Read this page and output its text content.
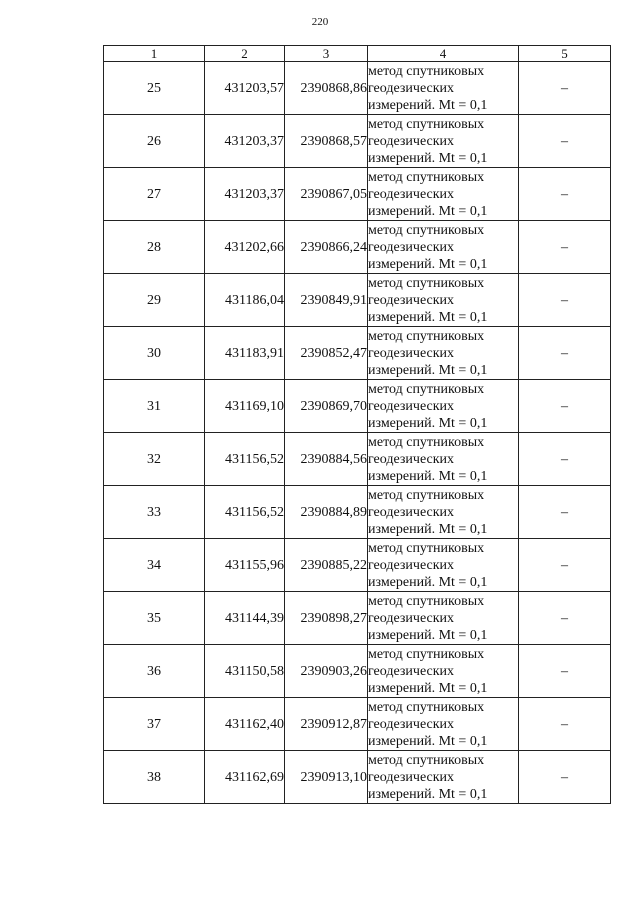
220
1	2	3	4	5
25	431203,57	2390868,86	метод спутниковых
геодезических
измерений. Mt = 0,1	–
26	431203,37	2390868,57	метод спутниковых
геодезических
измерений. Mt = 0,1	–
27	431203,37	2390867,05	метод спутниковых
геодезических
измерений. Mt = 0,1	–
28	431202,66	2390866,24	метод спутниковых
геодезических
измерений. Mt = 0,1	–
29	431186,04	2390849,91	метод спутниковых
геодезических
измерений. Mt = 0,1	–
30	431183,91	2390852,47	метод спутниковых
геодезических
измерений. Mt = 0,1	–
31	431169,10	2390869,70	метод спутниковых
геодезических
измерений. Mt = 0,1	–
32	431156,52	2390884,56	метод спутниковых
геодезических
измерений. Mt = 0,1	–
33	431156,52	2390884,89	метод спутниковых
геодезических
измерений. Mt = 0,1	–
34	431155,96	2390885,22	метод спутниковых
геодезических
измерений. Mt = 0,1	–
35	431144,39	2390898,27	метод спутниковых
геодезических
измерений. Mt = 0,1	–
36	431150,58	2390903,26	метод спутниковых
геодезических
измерений. Mt = 0,1	–
37	431162,40	2390912,87	метод спутниковых
геодезических
измерений. Mt = 0,1	–
38	431162,69	2390913,10	метод спутниковых
геодезических
измерений. Mt = 0,1	–
